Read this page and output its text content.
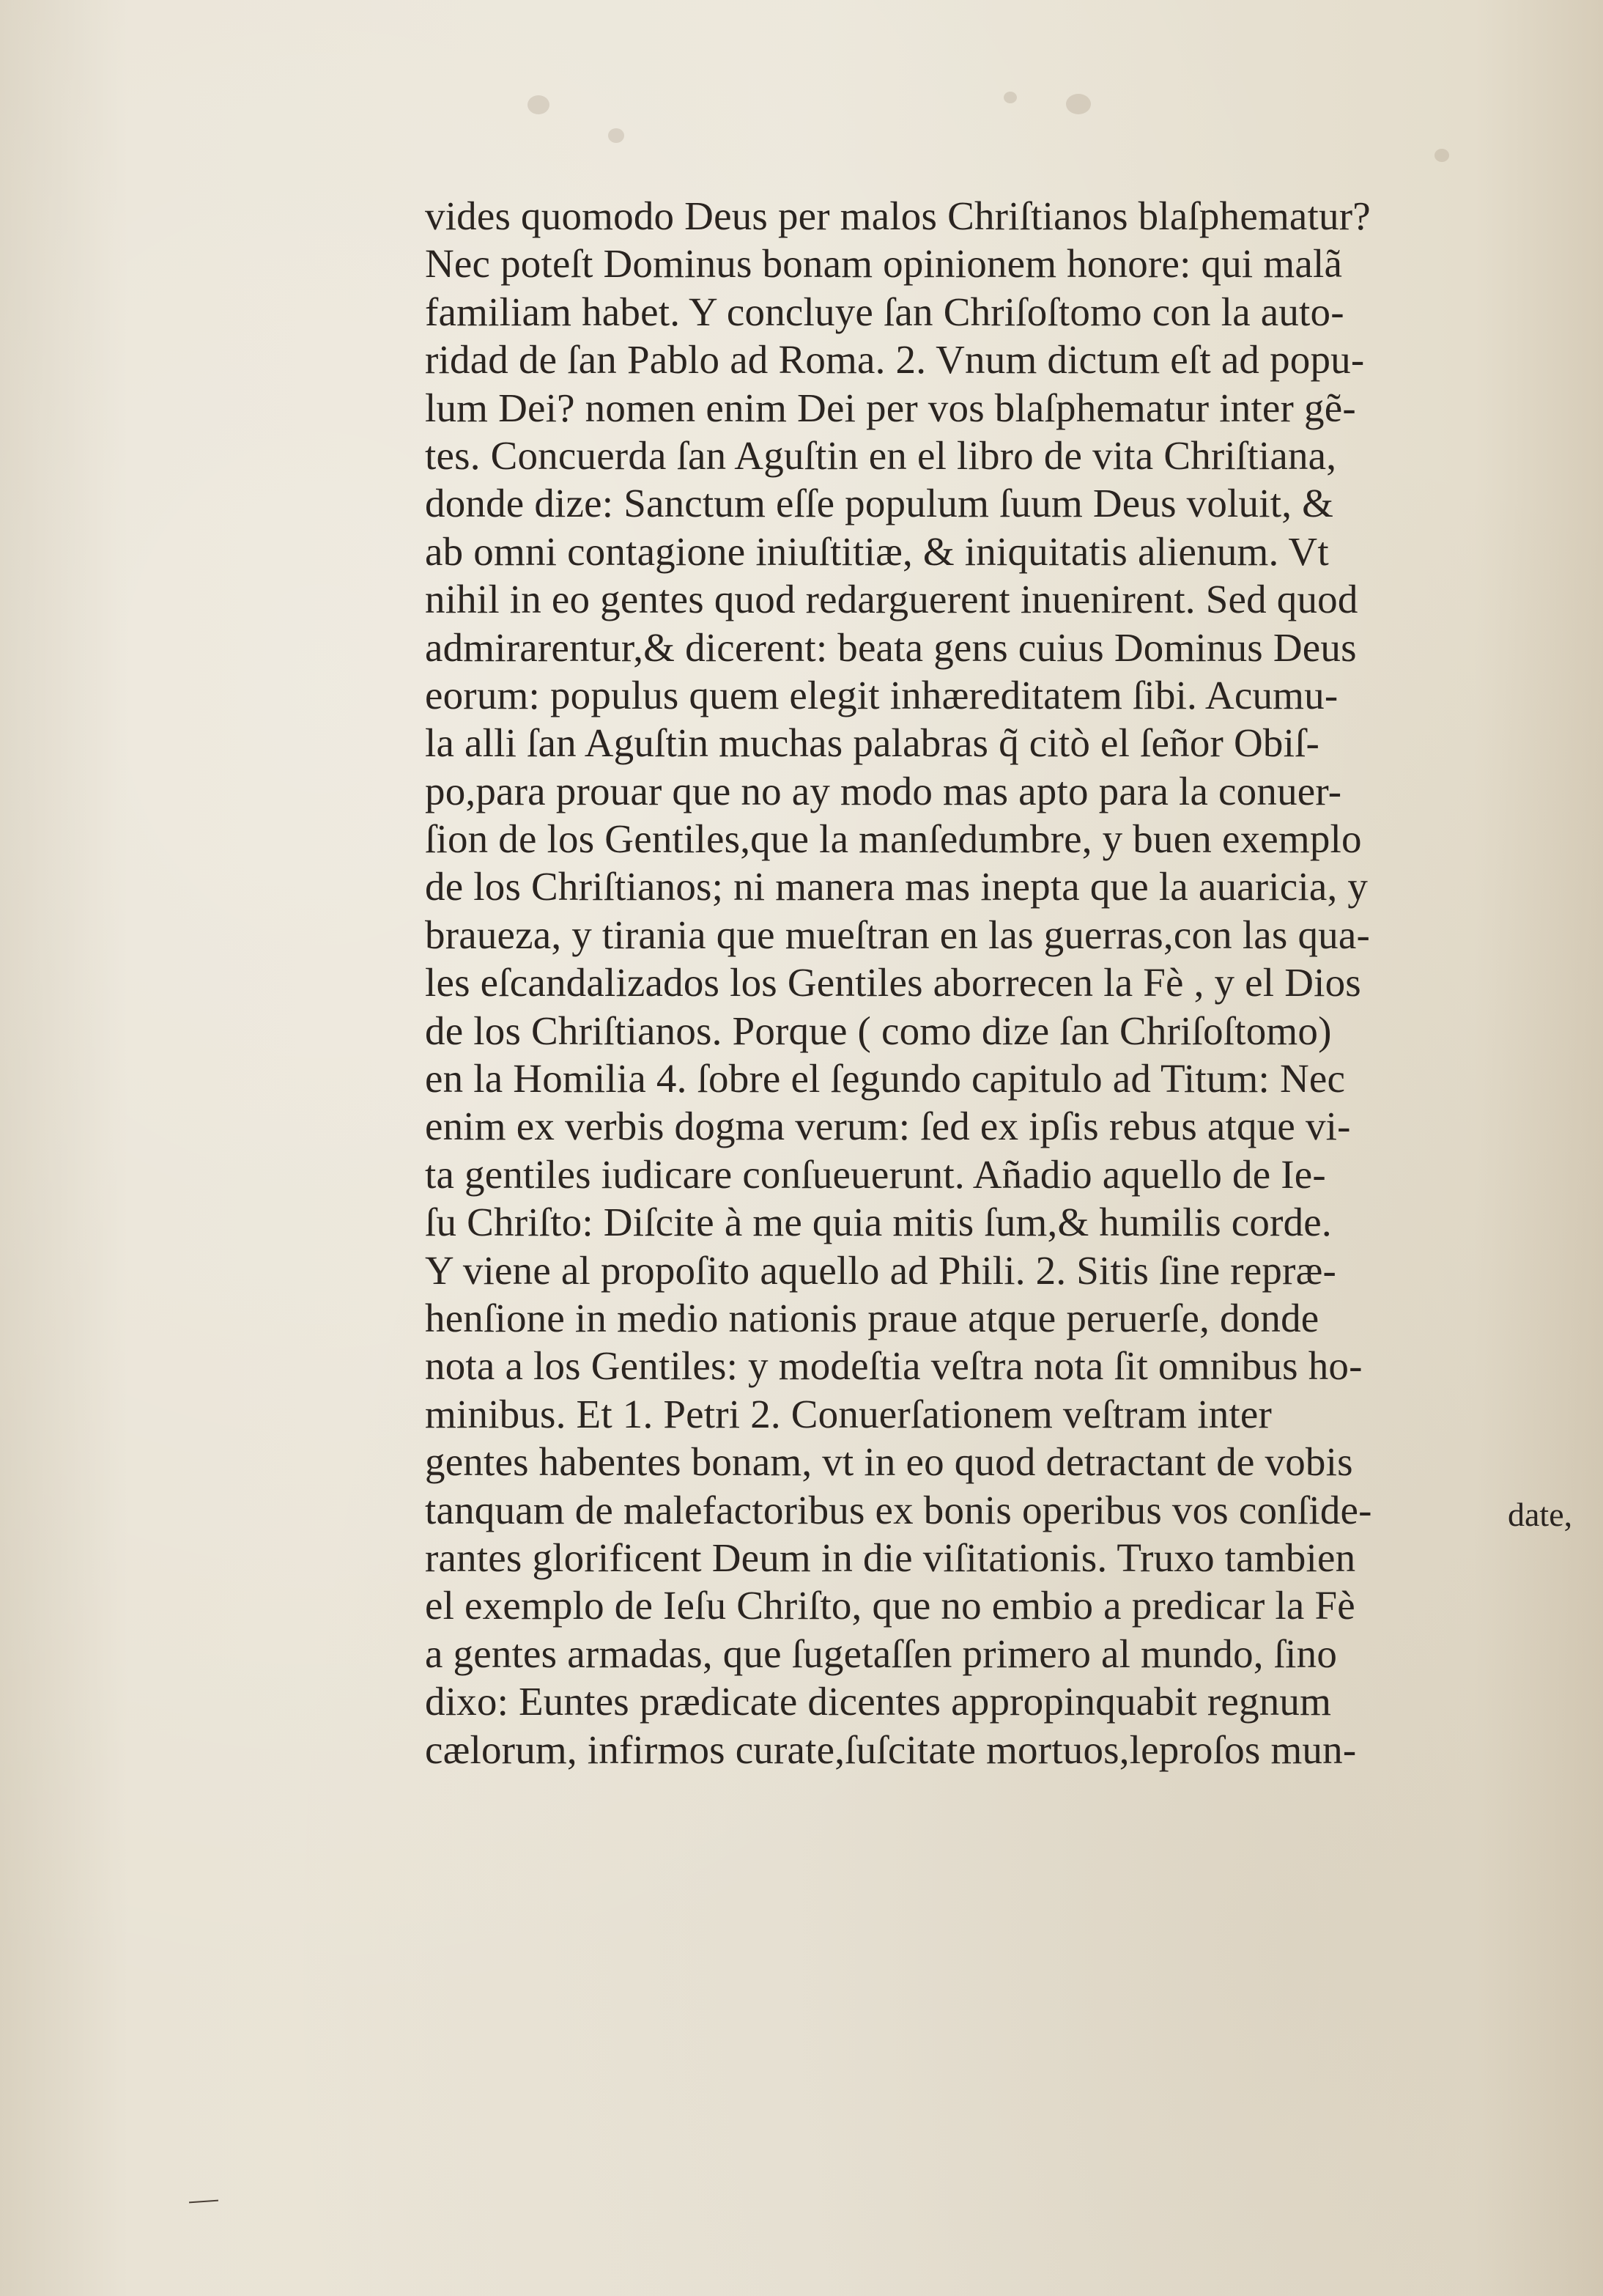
vides quomodo Deus per malos Chriſtianos blaſphematur?
Nec poteſt Dominus bonam opinionem honore: qui malã
familiam habet. Y concluye ſan Chriſoſtomo con la auto-
ridad de ſan Pablo ad Roma. 2. Vnum dictum eſt ad popu-
lum Dei? nomen enim Dei per vos blaſphematur inter gẽ-
tes. Concuerda ſan Aguſtin en el libro de vita Chriſtiana,
donde dize: Sanctum eſſe populum ſuum Deus voluit, &
ab omni contagione iniuſtitiæ, & iniquitatis alienum. Vt
nihil in eo gentes quod redarguerent inuenirent. Sed quod
admirarentur,& dicerent: beata gens cuius Dominus Deus
eorum: populus quem elegit inhæreditatem ſibi. Acumu-
la alli ſan Aguſtin muchas palabras q̃ citò el ſeñor Obiſ-
po,para prouar que no ay modo mas apto para la conuer-
ſion de los Gentiles,que la manſedumbre, y buen exemplo
de los Chriſtianos; ni manera mas inepta que la auaricia, y
braueza, y tirania que mueſtran en las guerras,con las qua-
les eſcandalizados los Gentiles aborrecen la Fè , y el Dios
de los Chriſtianos. Porque ( como dize ſan Chriſoſtomo)
en la Homilia 4. ſobre el ſegundo capitulo ad Titum: Nec
enim ex verbis dogma verum: ſed ex ipſis rebus atque vi-
ta gentiles iudicare conſueuerunt. Añadio aquello de Ie-
ſu Chriſto: Diſcite à me quia mitis ſum,& humilis corde.
Y viene al propoſito aquello ad Phili. 2. Sitis ſine repræ-
henſione in medio nationis praue atque peruerſe, donde
nota a los Gentiles: y modeſtia veſtra nota ſit omnibus ho-
minibus. Et 1. Petri 2. Conuerſationem veſtram inter
gentes habentes bonam, vt in eo quod detractant de vobis
tanquam de malefactoribus ex bonis operibus vos conſide-
rantes glorificent Deum in die viſitationis. Truxo tambien
el exemplo de Ieſu Chriſto, que no embio a predicar la Fè
a gentes armadas, que ſugetaſſen primero al mundo, ſino
dixo: Euntes prædicate dicentes appropinquabit regnum
cælorum, infirmos curate,ſuſcitate mortuos,leproſos mun-
date,
